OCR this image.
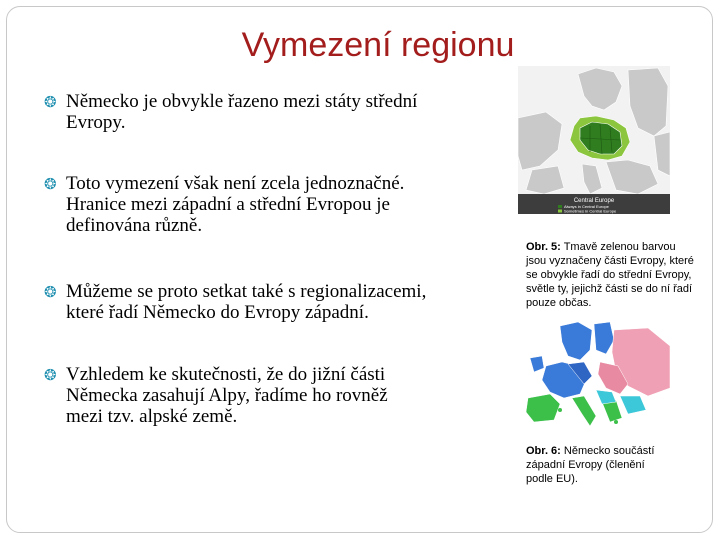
Vymezení regionu
❂ Německo je obvykle řazeno mezi státy střední
Evropy.
❂ Toto vymezení však není zcela jednoznačné.
Hranice mezi západní a střední Evropou je
definována různě.
❂ Můžeme se proto setkat také s regionalizacemi,
které řadí Německo do Evropy západní.
❂ Vzhledem ke skutečnosti, že do jižní části
Německa zasahují Alpy, řadíme ho rovněž
mezi tzv. alpské země.
Central Europe
Always in Central Europe
Sometimes in Central Europe
Obr. 5: Tmavě zelenou barvou jsou vyznačeny části Evropy, které se obvykle řadí do střední Evropy, světle ty, jejichž části se do ní řadí pouze občas.
Obr. 6: Německo součástí západní Evropy (členění podle EU).
